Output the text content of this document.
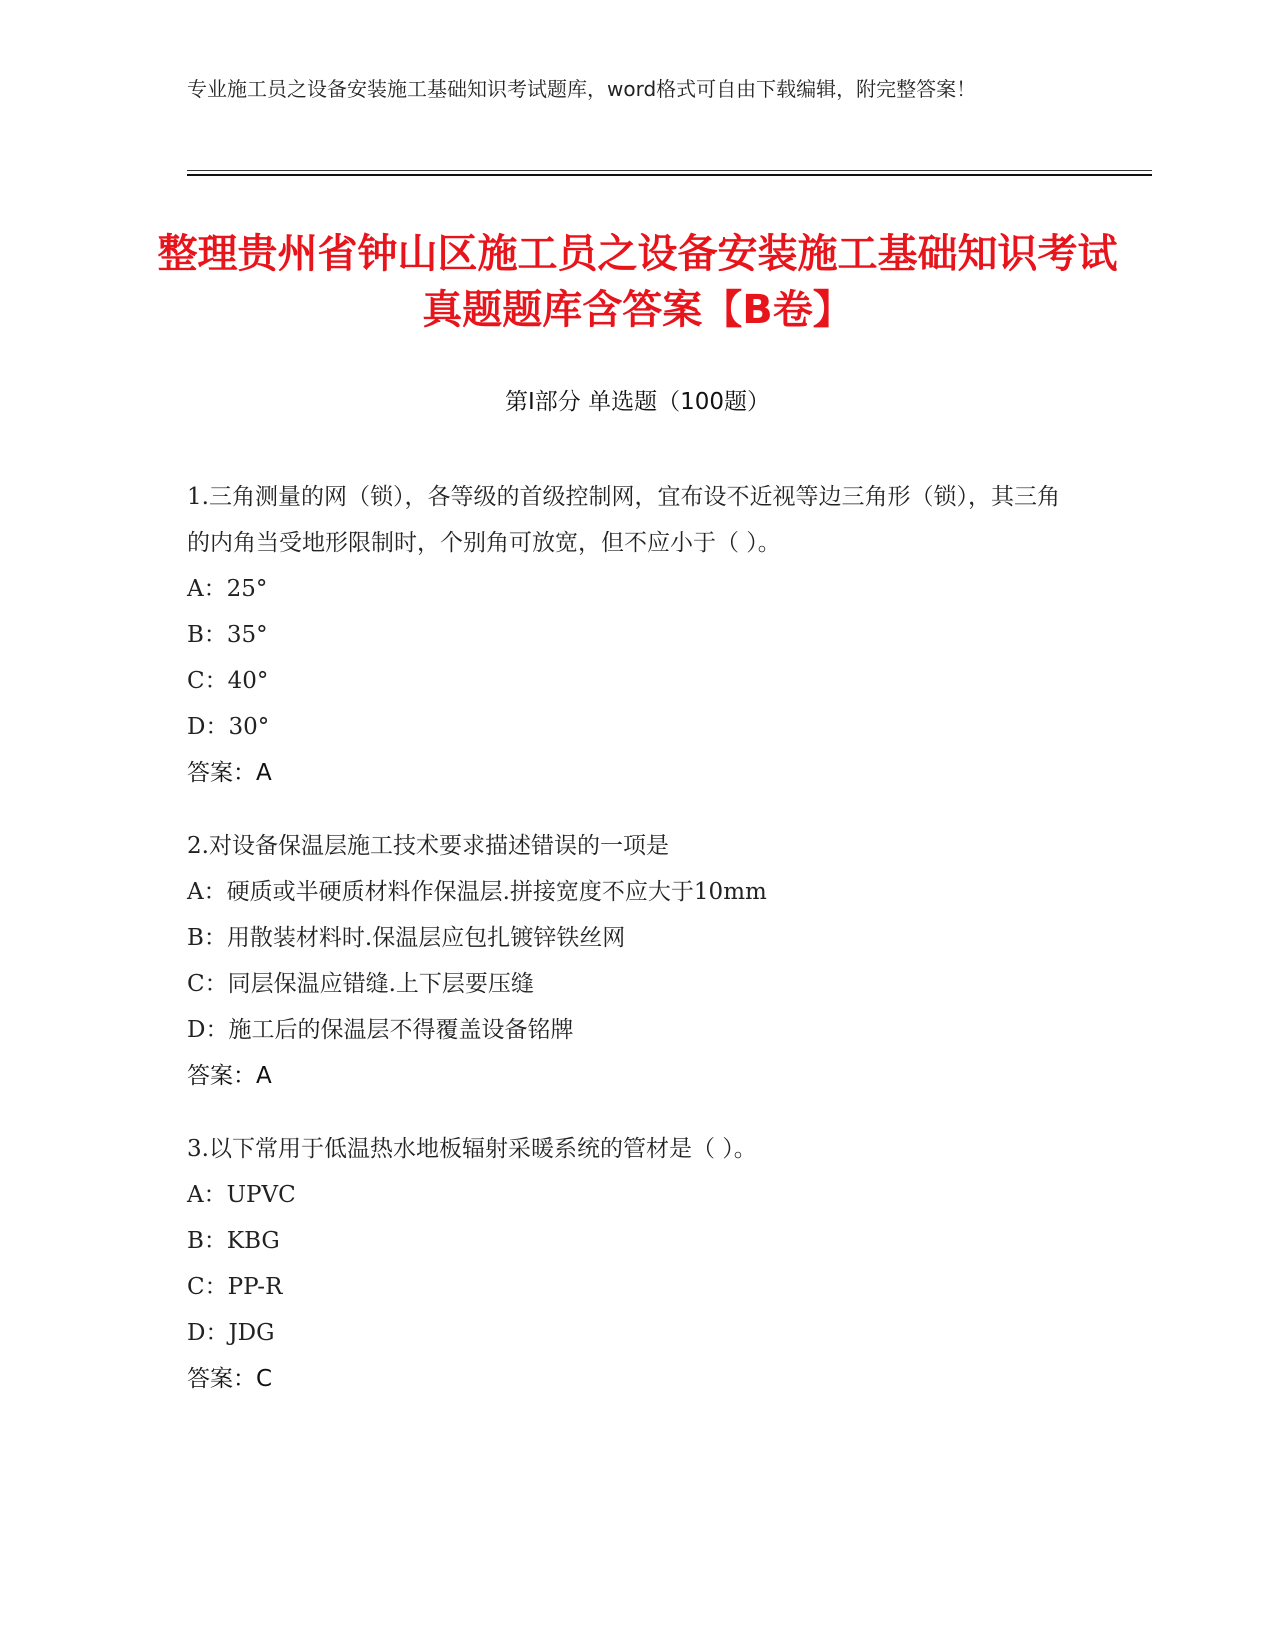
专业施工员之设备安装施工基础知识考试题库，word格式可自由下载编辑，附完整答案！
整理贵州省钟山区施工员之设备安装施工基础知识考试真题题库含答案【B卷】
第Ⅰ部分 单选题（100题）

1.三角测量的网（锁），各等级的首级控制网，宜布设不近视等边三角形（锁），其三角的内角当受地形限制时，个别角可放宽，但不应小于（ ）。

A：25°

B：35°

C：40°

D：30°

答案：A

2.对设备保温层施工技术要求描述错误的一项是

A：硬质或半硬质材料作保温层.拼接宽度不应大于10mm

B：用散装材料时.保温层应包扎镀锌铁丝网

C：同层保温应错缝.上下层要压缝

D：施工后的保温层不得覆盖设备铭牌

答案：A

3.以下常用于低温热水地板辐射采暖系统的管材是（ ）。

A：UPVC

B：KBG

C：PP-R

D：JDG

答案：C
